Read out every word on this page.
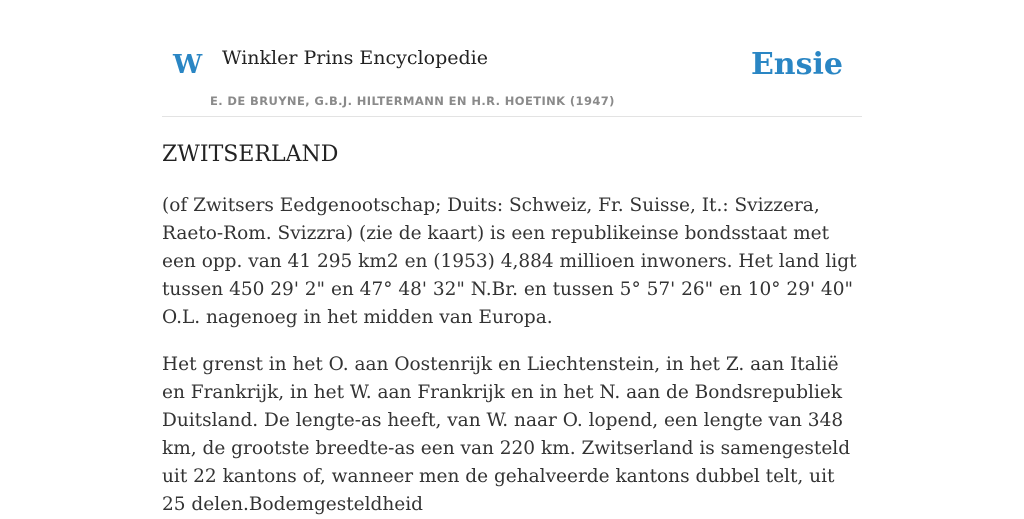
W Winkler Prins Encyclopedie
E. DE BRUYNE, G.B.J. HILTERMANN EN H.R. HOETINK (1947)
Ensie
ZWITSERLAND

(of Zwitsers Eedgenootschap; Duits: Schweiz, Fr. Suisse, It.: Svizzera, Raeto-Rom. Svizzra) (zie de kaart) is een republikeinse bondsstaat met een opp. van 41 295 km2 en (1953) 4,884 millioen inwoners. Het land ligt tussen 450 29' 2" en 47° 48' 32" N.Br. en tussen 5° 57' 26" en 10° 29' 40" O.L. nagenoeg in het midden van Europa.

Het grenst in het O. aan Oostenrijk en Liechtenstein, in het Z. aan Italië en Frankrijk, in het W. aan Frankrijk en in het N. aan de Bondsrepubliek Duitsland. De lengte-as heeft, van W. naar O. lopend, een lengte van 348 km, de grootste breedte-as een van 220 km. Zwitserland is samengesteld uit 22 kantons of, wanneer men de gehalveerde kantons dubbel telt, uit 25 delen.Bodemgesteldheid
